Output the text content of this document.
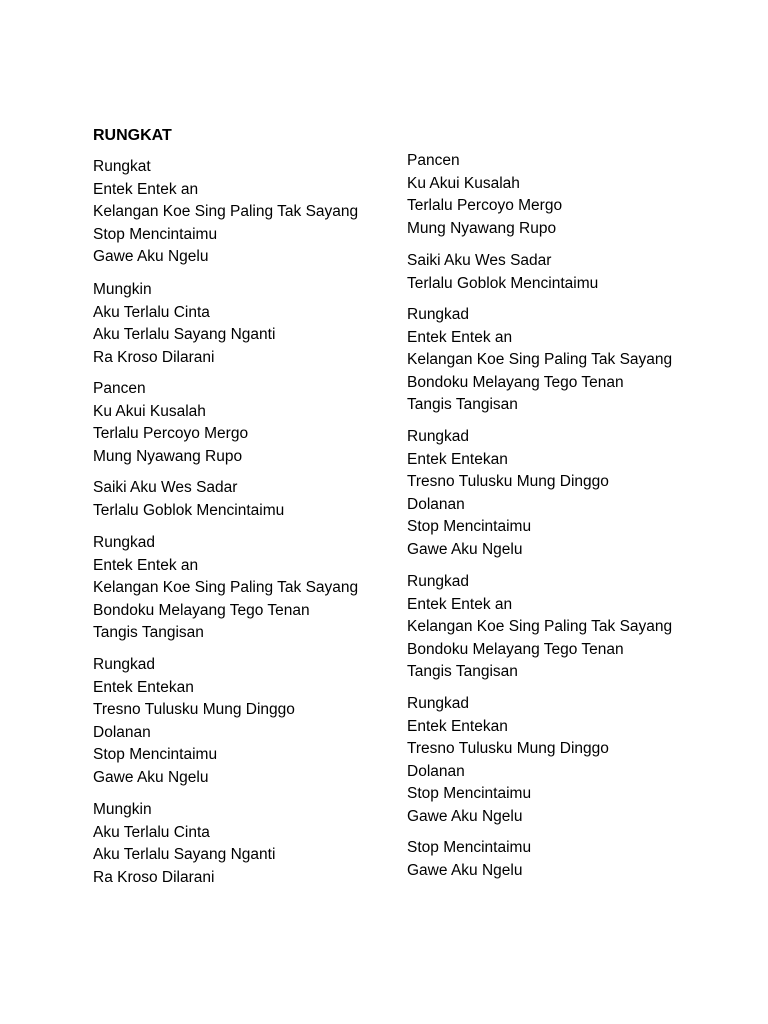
RUNGKAT
Rungkat
Entek Entek an
Kelangan Koe Sing Paling Tak Sayang
Stop Mencintaimu
Gawe Aku Ngelu
Mungkin
Aku Terlalu Cinta
Aku Terlalu Sayang Nganti
Ra Kroso Dilarani
Pancen
Ku Akui Kusalah
Terlalu Percoyo Mergo
Mung Nyawang Rupo
Saiki Aku Wes Sadar
Terlalu Goblok Mencintaimu
Rungkad
Entek Entek an
Kelangan Koe Sing Paling Tak Sayang
Bondoku Melayang Tego Tenan
Tangis Tangisan
Rungkad
Entek Entekan
Tresno Tulusku Mung Dinggo
Dolanan
Stop Mencintaimu
Gawe Aku Ngelu
Mungkin
Aku Terlalu Cinta
Aku Terlalu Sayang Nganti
Ra Kroso Dilarani
Pancen
Ku Akui Kusalah
Terlalu Percoyo Mergo
Mung Nyawang Rupo
Saiki Aku Wes Sadar
Terlalu Goblok Mencintaimu
Rungkad
Entek Entek an
Kelangan Koe Sing Paling Tak Sayang
Bondoku Melayang Tego Tenan
Tangis Tangisan
Rungkad
Entek Entekan
Tresno Tulusku Mung Dinggo
Dolanan
Stop Mencintaimu
Gawe Aku Ngelu
Rungkad
Entek Entek an
Kelangan Koe Sing Paling Tak Sayang
Bondoku Melayang Tego Tenan
Tangis Tangisan
Rungkad
Entek Entekan
Tresno Tulusku Mung Dinggo
Dolanan
Stop Mencintaimu
Gawe Aku Ngelu
Stop Mencintaimu
Gawe Aku Ngelu
